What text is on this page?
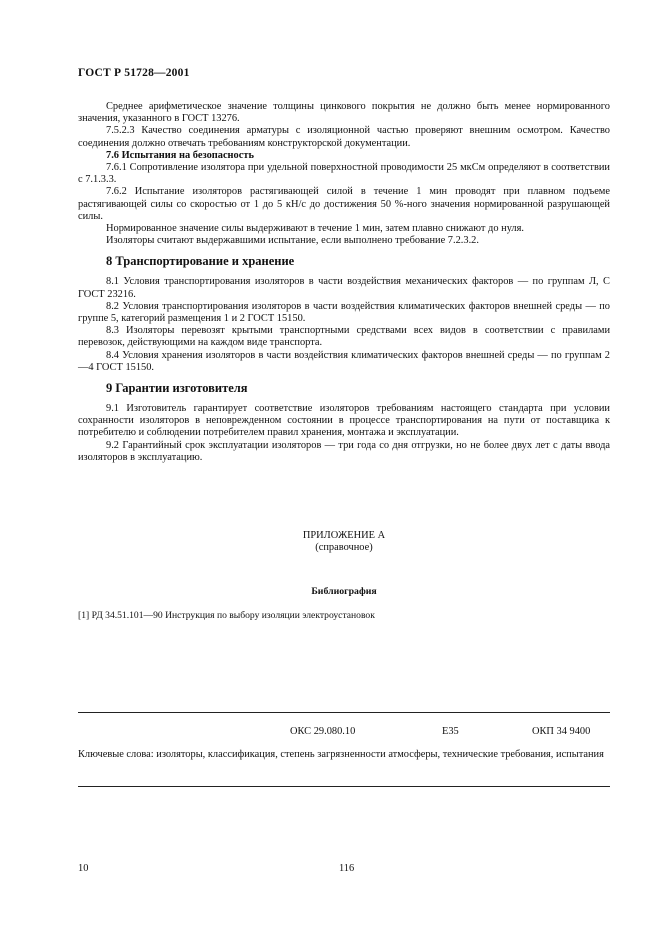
ГОСТ Р 51728—2001

Среднее арифметическое значение толщины цинкового покрытия не должно быть менее нормированного значения, указанного в ГОСТ 13276.

7.5.2.3 Качество соединения арматуры с изоляционной частью проверяют внешним осмотром. Качество соединения должно отвечать требованиям конструкторской документации.

7.6 Испытания на безопасность

7.6.1 Сопротивление изолятора при удельной поверхностной проводимости 25 мкСм определяют в соответствии с 7.1.3.3.

7.6.2 Испытание изоляторов растягивающей силой в течение 1 мин проводят при плавном подъеме растягивающей силы со скоростью от 1 до 5 кН/с до достижения 50 %-ного значения нормированной разрушающей силы.

Нормированное значение силы выдерживают в течение 1 мин, затем плавно снижают до нуля.

Изоляторы считают выдержавшими испытание, если выполнено требование 7.2.3.2.

8 Транспортирование и хранение

8.1 Условия транспортирования изоляторов в части воздействия механических факторов — по группам Л, С ГОСТ 23216.

8.2 Условия транспортирования изоляторов в части воздействия климатических факторов внешней среды — по группе 5, категорий размещения 1 и 2 ГОСТ 15150.

8.3 Изоляторы перевозят крытыми транспортными средствами всех видов в соответствии с правилами перевозок, действующими на каждом виде транспорта.

8.4 Условия хранения изоляторов в части воздействия климатических факторов внешней среды — по группам 2—4 ГОСТ 15150.

9 Гарантии изготовителя

9.1 Изготовитель гарантирует соответствие изоляторов требованиям настоящего стандарта при условии сохранности изоляторов в неповрежденном состоянии в процессе транспортирования на пути от поставщика к потребителю и соблюдении потребителем правил хранения, монтажа и эксплуатации.

9.2 Гарантийный срок эксплуатации изоляторов — три года со дня отгрузки, но не более двух лет с даты ввода изоляторов в эксплуатацию.

ПРИЛОЖЕНИЕ А
(справочное)
Библиография
[1] РД 34.51.101—90 Инструкция по выбору изоляции электроустановок
ОКС 29.080.10	Е35	ОКП 34 9400
Ключевые слова: изоляторы, классификация, степень загрязненности атмосферы, технические требования, испытания
10	116
